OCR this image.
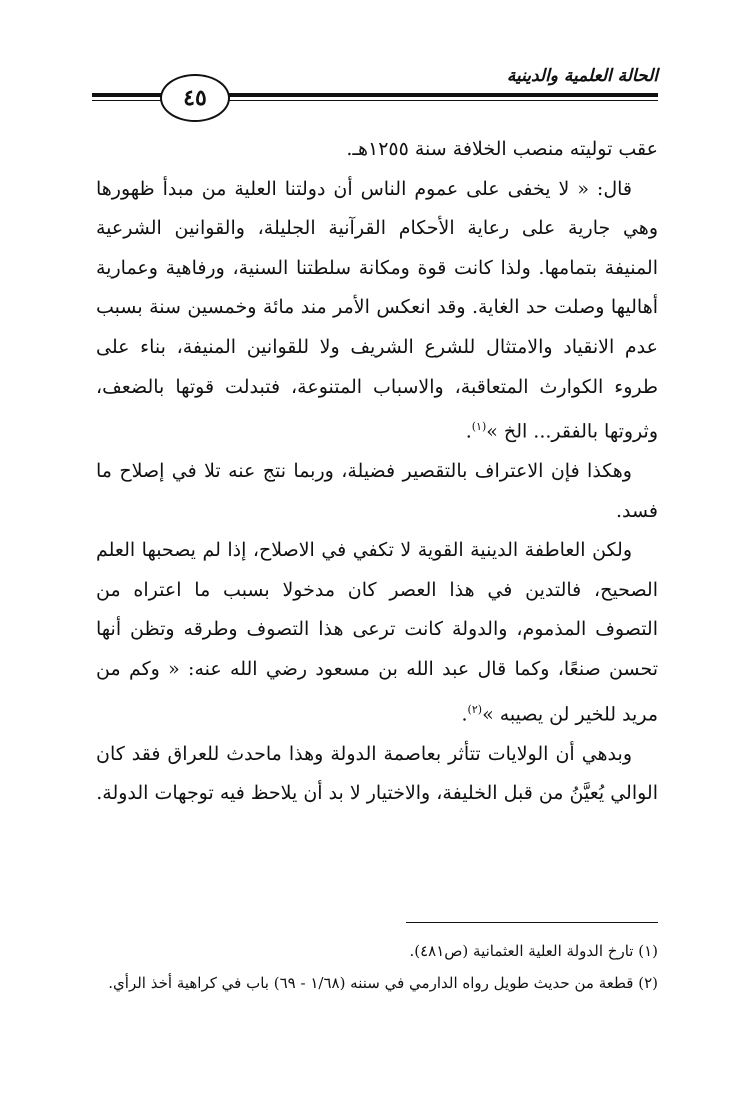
الحالة العلمية والدينية
٤٥

عقب توليته منصب الخلافة سنة ١٢٥٥هـ.

قال: « لا يخفى على عموم الناس أن دولتنا العلية من مبدأ ظهورها وهي جارية على رعاية الأحكام القرآنية الجليلة، والقوانين الشرعية المنيفة بتمامها. ولذا كانت قوة ومكانة سلطتنا السنية، ورفاهية وعمارية أهاليها وصلت حد الغاية. وقد انعكس الأمر مند مائة وخمسين سنة بسبب عدم الانقياد والامتثال للشرع الشريف ولا للقوانين المنيفة، بناء على طروء الكوارث المتعاقبة، والاسباب المتنوعة، فتبدلت قوتها بالضعف، وثروتها بالفقر... الخ »$^{(١)}$.

وهكذا فإن الاعتراف بالتقصير فضيلة، وربما نتج عنه تلا في إصلاح ما فسد.

ولكن العاطفة الدينية القوية لا تكفي في الاصلاح، إذا لم يصحبها العلم الصحيح، فالتدين في هذا العصر كان مدخولا بسبب ما اعتراه من التصوف المذموم، والدولة كانت ترعى هذا التصوف وطرقه وتظن أنها تحسن صنعًا، وكما قال عبد الله بن مسعود رضي الله عنه: « وكم من مريد للخير لن يصيبه »$^{(٢)}$.

وبدهي أن الولايات تتأثر بعاصمة الدولة وهذا ماحدث للعراق فقد كان الوالي يُعيَّنُ من قبل الخليفة، والاختيار لا بد أن يلاحظ فيه توجهات الدولة.

(١) تارخ الدولة العلية العثمانية (ص٤٨١).

(٢) قطعة من حديث طويل رواه الدارمي في سننه (١/٦٨ - ٦٩) باب في كراهية أخذ الرأي.
